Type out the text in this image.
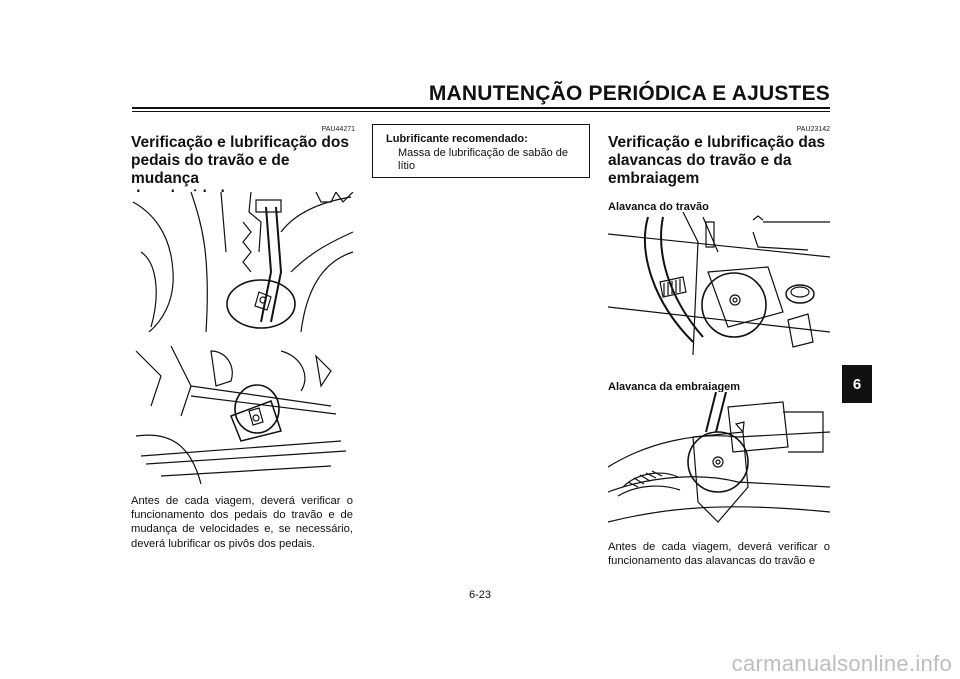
MANUTENÇÃO PERIÓDICA E AJUSTES
PAU44271
Verificação e lubrificação dos
pedais do travão e de mudança
de velocidades
Antes de cada viagem, deverá verificar o funcionamento dos pedais do travão e de mudança de velocidades e, se necessário, deverá lubrificar os pivôs dos pedais.
Lubrificante recomendado:
Massa de lubrificação de sabão de lítio
PAU23142
Verificação e lubrificação das
alavancas do travão e da
embraiagem
Alavanca do travão
Alavanca da embraiagem
Antes de cada viagem, deverá verificar o funcionamento das alavancas do travão e
6
6-23
carmanualsonline.info
